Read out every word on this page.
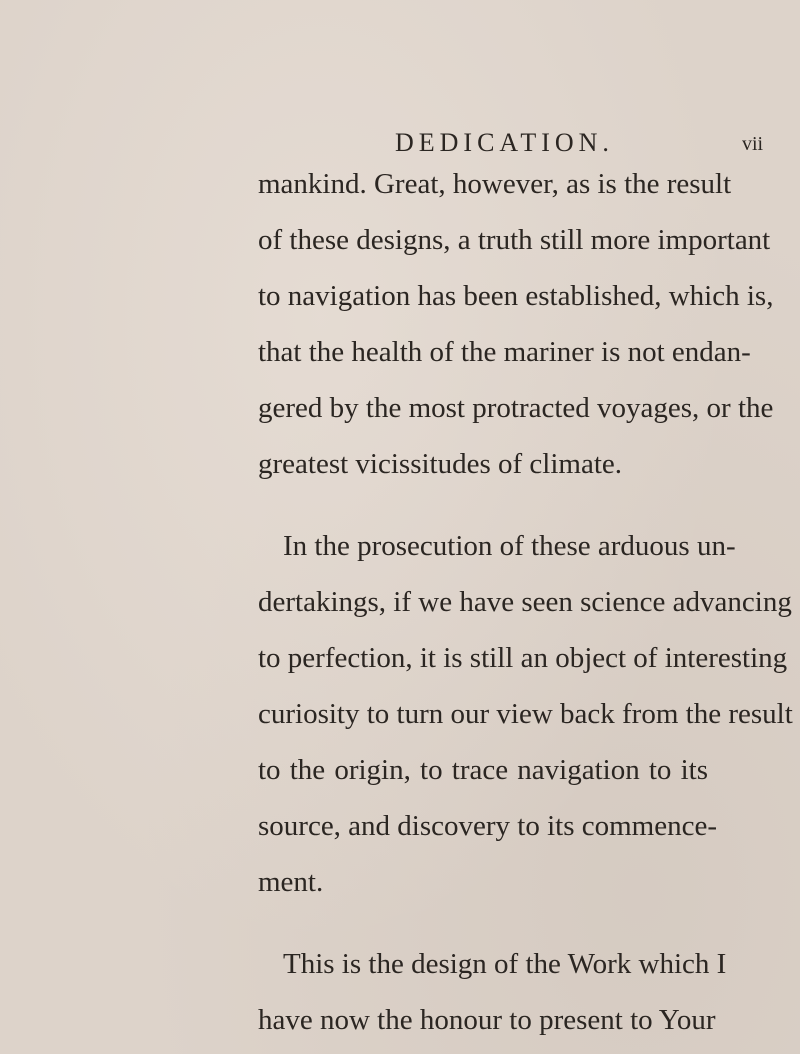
DEDICATION.	vii
mankind. Great, however, as is the result
of these designs, a truth still more important
to navigation has been established, which is,
that the health of the mariner is not endan-
gered by the most protracted voyages, or the
greatest vicissitudes of climate.
In the prosecution of these arduous un-
dertakings, if we have seen science advancing
to perfection, it is still an object of interesting
curiosity to turn our view back from the result
to the origin, to trace navigation to its
source, and discovery to its commence-
ment.
This is the design of the Work which I
have now the honour to present to Your
